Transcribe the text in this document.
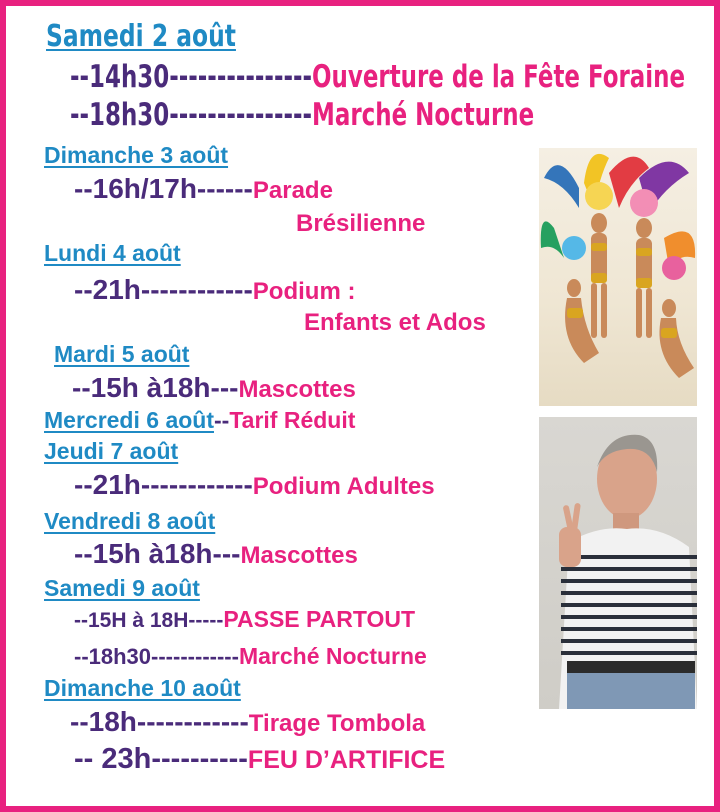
Samedi 2 août
--14h30---------------Ouverture de la Fête Foraine
--18h30---------------Marché Nocturne
Dimanche 3 août
--16h/17h------Parade
Brésilienne
Lundi 4 août
--21h------------Podium :
Enfants et Ados
Mardi 5 août
--15h à18h---Mascottes
Mercredi 6 août--Tarif Réduit
Jeudi 7 août
--21h------------Podium Adultes
Vendredi 8 août
--15h à18h---Mascottes
Samedi 9 août
--15H à 18H-----PASSE PARTOUT
--18h30------------Marché Nocturne
Dimanche 10 août
--18h------------Tirage Tombola
-- 23h----------FEU D’ARTIFICE
